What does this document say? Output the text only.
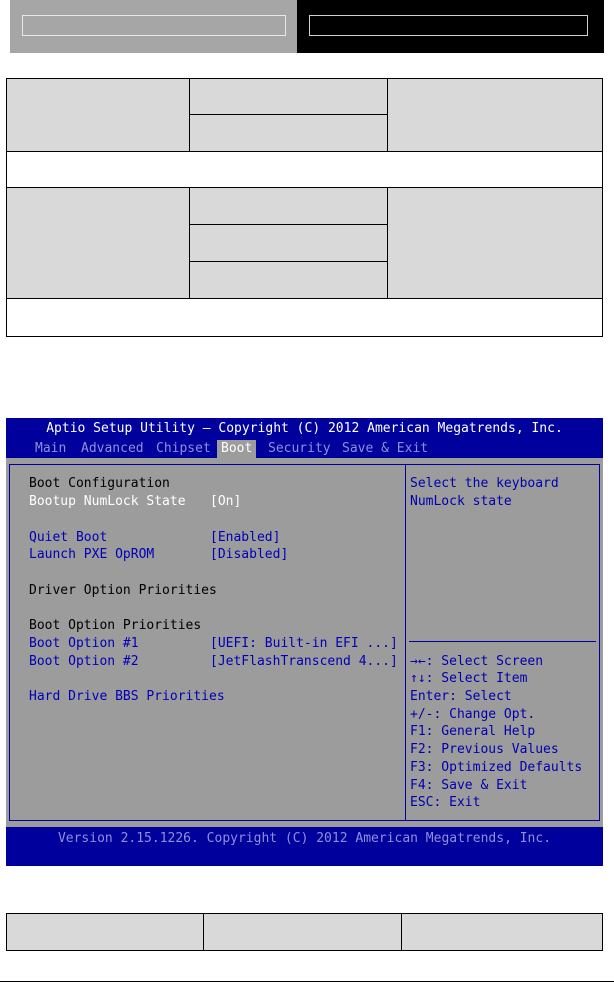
Aptio Setup Utility – Copyright (C) 2012 American Megatrends, Inc.
Main Advanced Chipset Boot	Security Save & Exit
Boot Configuration
Bootup NumLock State [On]
Quiet Boot	[Enabled]
Launch PXE OpROM	[Disabled]
Driver Option Priorities
Boot Option Priorities
Boot Option #1	[UEFI: Built-in EFI ...]
Boot Option #2	[JetFlashTranscend 4...]
Hard Drive BBS Priorities
Select the keyboard
NumLock state
→←: Select Screen
↑↓: Select Item
Enter: Select
+/-: Change Opt.
F1: General Help
F2: Previous Values
F3: Optimized Defaults
F4: Save & Exit
ESC: Exit
Version 2.15.1226. Copyright (C) 2012 American Megatrends, Inc.
